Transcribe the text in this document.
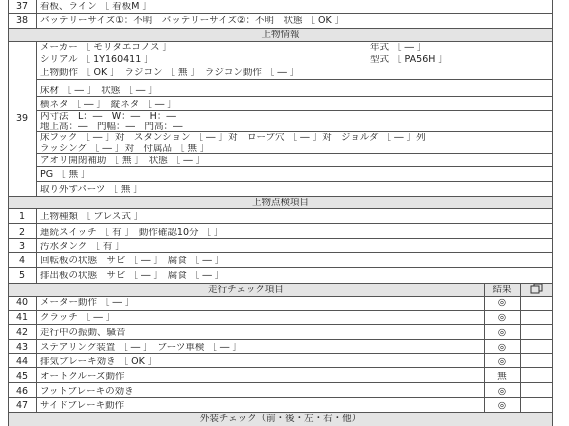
37	看板、ライン ［ 看板M ］
38	バッテリーサイズ①：不明　バッテリーサイズ②：不明　状態 ［ OK ］
上物情報
39
メーカー ［ モリタエコノス ］	年式 ［ ― ］
シリアル ［ 1Y160411 ］	型式 ［ PA56H ］
上物動作 ［ OK ］　ラジコン ［ 無 ］　ラジコン動作 ［ ― ］
床材 ［ ― ］　状態 ［ ― ］
横ネタ ［ ― ］　縦ネタ ［ ― ］
内寸法　L：―　W：―　H：―
地上高：―　門幅：―　門高：―
床フック ［ ― ］対　スタンション ［ ― ］対　ロープ穴 ［ ― ］対　ジョルダ ［ ― ］列
ラッシング ［ ― ］対　付属品 ［ 無 ］
アオリ開閉補助 ［ 無 ］　状態 ［ ― ］
PG ［ 無 ］
取り外すパーツ ［ 無 ］
上物点検項目
1	上物種類 ［ プレス式 ］
2	連続スイッチ ［ 有 ］　動作確認10分 ［ ］
3	汚水タンク ［ 有 ］
4	回転板の状態　サビ ［ ― ］　腐食 ［ ― ］
5	排出板の状態　サビ ［ ― ］　腐食 ［ ― ］
走行チェック項目	結果
40	メーター動作 ［ ― ］	◎
41	クラッチ ［ ― ］	◎
42	走行中の振動、騒音	◎
43	ステアリング装置 ［ ― ］　ブーツ車検 ［ ― ］	◎
44	排気ブレーキ効き ［ OK ］	◎
45	オートクルーズ動作	無
46	フットブレーキの効き	◎
47	サイドブレーキ動作	◎
外装チェック（前・後・左・右・他）
